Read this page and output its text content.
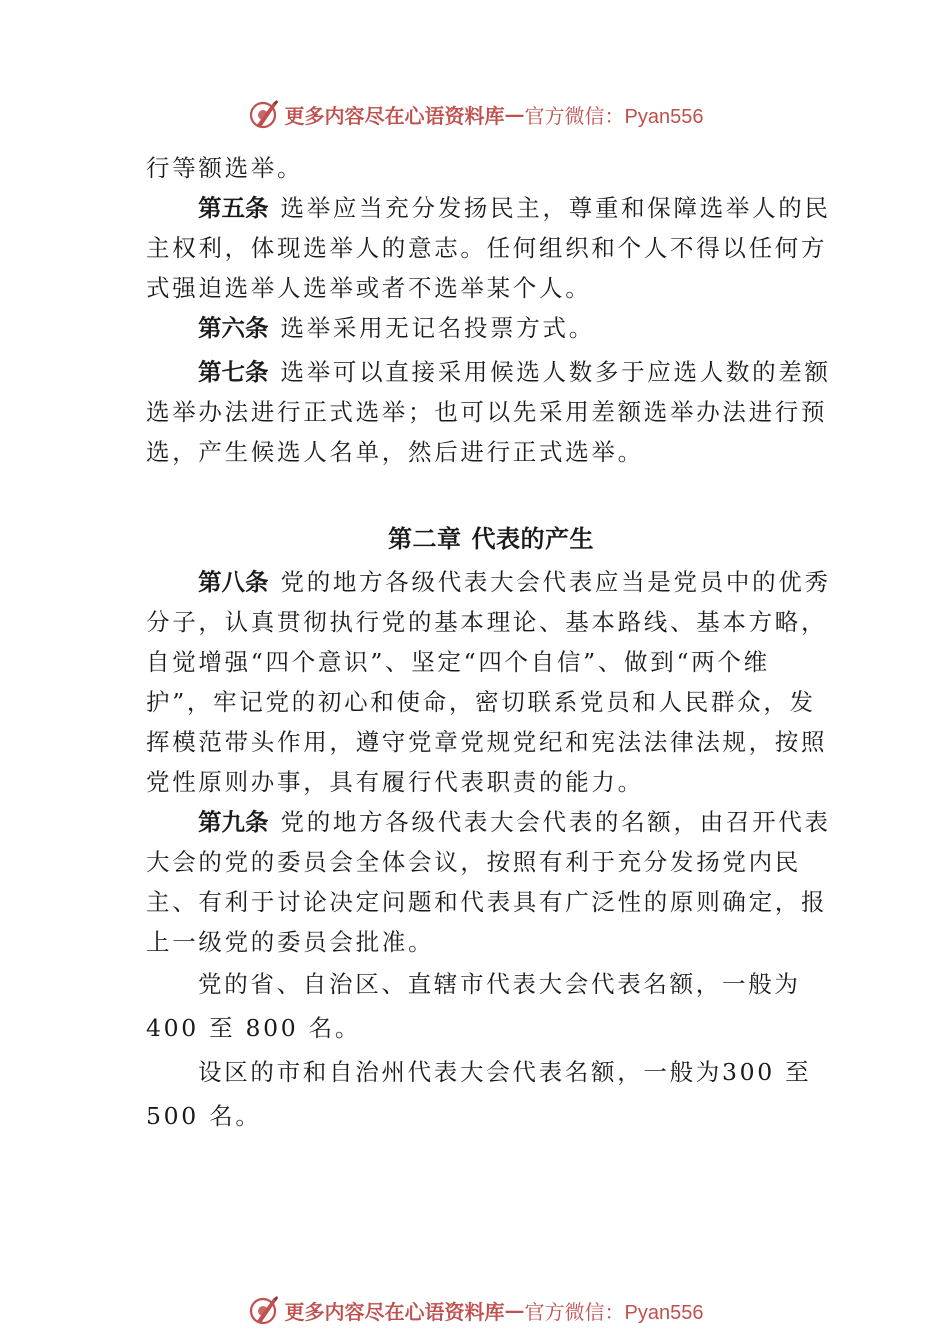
更多内容尽在心语资料库 — 官方微信：Pyan556

行等额选举。

第五条 选举应当充分发扬民主，尊重和保障选举人的民主权利，体现选举人的意志。任何组织和个人不得以任何方式强迫选举人选举或者不选举某个人。

第六条 选举采用无记名投票方式。

第七条 选举可以直接采用候选人数多于应选人数的差额选举办法进行正式选举；也可以先采用差额选举办法进行预选，产生候选人名单，然后进行正式选举。

第二章 代表的产生

第八条 党的地方各级代表大会代表应当是党员中的优秀分子，认真贯彻执行党的基本理论、基本路线、基本方略，自觉增强“四个意识”、坚定“四个自信”、做到“两个维护”，牢记党的初心和使命，密切联系党员和人民群众，发挥模范带头作用，遵守党章党规党纪和宪法法律法规，按照党性原则办事，具有履行代表职责的能力。

第九条 党的地方各级代表大会代表的名额，由召开代表大会的党的委员会全体会议，按照有利于充分发扬党内民主、有利于讨论决定问题和代表具有广泛性的原则确定，报上一级党的委员会批准。

党的省、自治区、直辖市代表大会代表名额，一般为 400 至 800 名。

设区的市和自治州代表大会代表名额，一般为300 至500 名。

更多内容尽在心语资料库 — 官方微信：Pyan556
